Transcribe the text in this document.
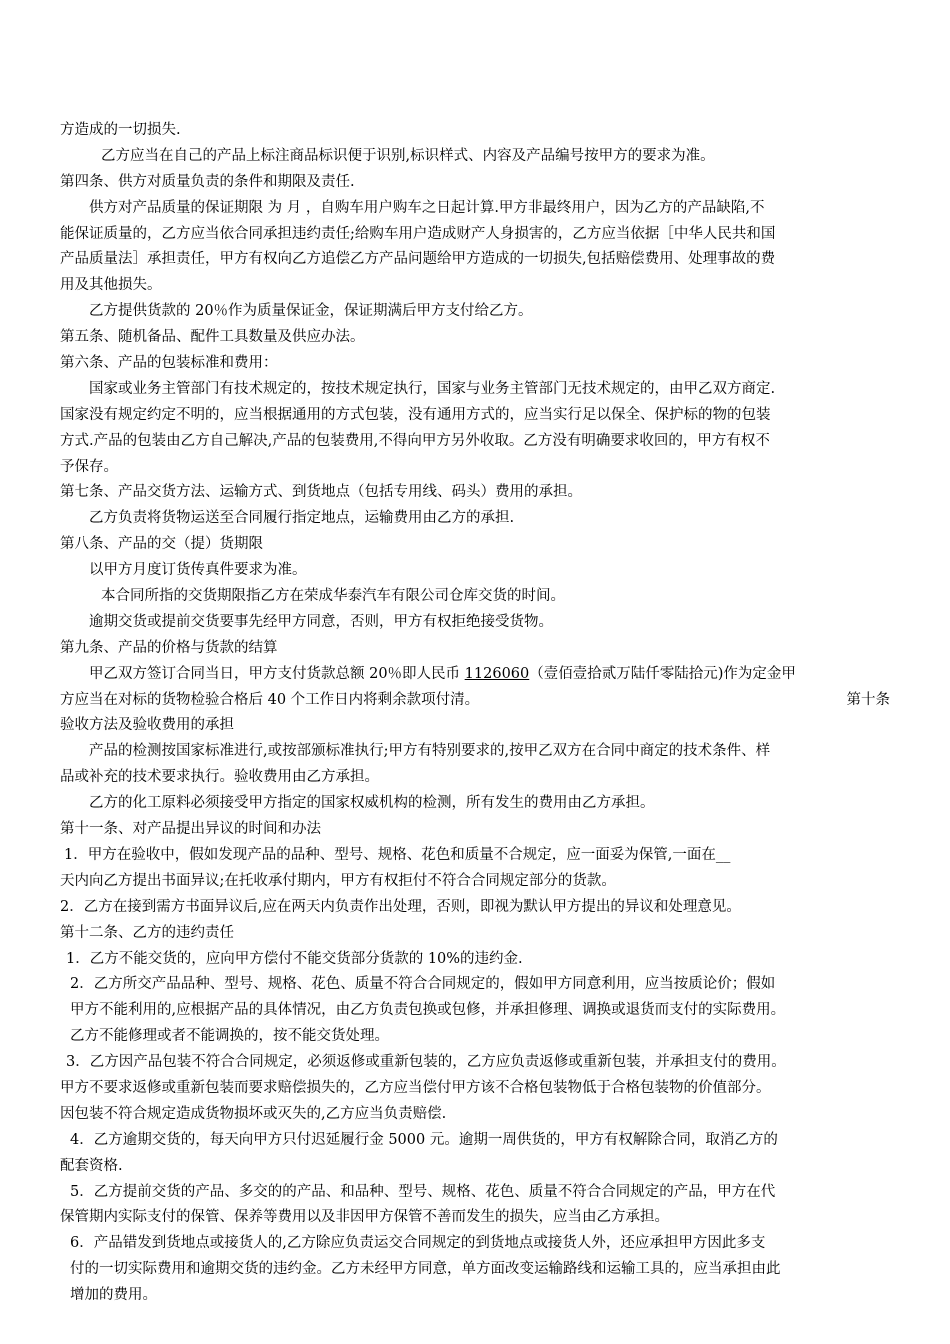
方造成的一切损失.
乙方应当在自己的产品上标注商品标识便于识别,标识样式、内容及产品编号按甲方的要求为准。
第四条、供方对质量负责的条件和期限及责任.
供方对产品质量的保证期限 为 月 ，自购车用户购车之日起计算.甲方非最终用户，因为乙方的产品缺陷,不
能保证质量的，乙方应当依合同承担违约责任;给购车用户造成财产人身损害的，乙方应当依据［中华人民共和国
产品质量法］承担责任，甲方有权向乙方追偿乙方产品问题给甲方造成的一切损失,包括赔偿费用、处理事故的费
用及其他损失。
乙方提供货款的 20％作为质量保证金，保证期满后甲方支付给乙方。
第五条、随机备品、配件工具数量及供应办法。
第六条、产品的包装标准和费用：
国家或业务主管部门有技术规定的，按技术规定执行，国家与业务主管部门无技术规定的，由甲乙双方商定.
国家没有规定约定不明的，应当根据通用的方式包装，没有通用方式的，应当实行足以保全、保护标的物的包装
方式.产品的包装由乙方自己解决,产品的包装费用,不得向甲方另外收取。乙方没有明确要求收回的，甲方有权不
予保存。
第七条、产品交货方法、运输方式、到货地点（包括专用线、码头）费用的承担。
乙方负责将货物运送至合同履行指定地点，运输费用由乙方的承担.
第八条、产品的交（提）货期限
以甲方月度订货传真件要求为准。
本合同所指的交货期限指乙方在荣成华泰汽车有限公司仓库交货的时间。
逾期交货或提前交货要事先经甲方同意，否则，甲方有权拒绝接受货物。
第九条、产品的价格与货款的结算
甲乙双方签订合同当日，甲方支付货款总额 20％即人民币 1126060（壹佰壹拾贰万陆仟零陆拾元)作为定金甲
方应当在对标的货物检验合格后 40 个工作日内将剩余款项付清。	第十条
验收方法及验收费用的承担
产品的检测按国家标准进行,或按部颁标准执行;甲方有特别要求的,按甲乙双方在合同中商定的技术条件、样
品或补充的技术要求执行。验收费用由乙方承担。
乙方的化工原料必须接受甲方指定的国家权威机构的检测，所有发生的费用由乙方承担。
第十一条、对产品提出异议的时间和办法
1．甲方在验收中，假如发现产品的品种、型号、规格、花色和质量不合规定，应一面妥为保管,一面在__
天内向乙方提出书面异议;在托收承付期内，甲方有权拒付不符合合同规定部分的货款。
2．乙方在接到需方书面异议后,应在两天内负责作出处理，否则，即视为默认甲方提出的异议和处理意见。
第十二条、乙方的违约责任
1．乙方不能交货的，应向甲方偿付不能交货部分货款的 10%的违约金.
2．乙方所交产品品种、型号、规格、花色、质量不符合合同规定的，假如甲方同意利用，应当按质论价；假如
甲方不能利用的,应根据产品的具体情况，由乙方负责包换或包修，并承担修理、调换或退货而支付的实际费用。
乙方不能修理或者不能调换的，按不能交货处理。
3．乙方因产品包装不符合合同规定，必须返修或重新包装的，乙方应负责返修或重新包装，并承担支付的费用。
甲方不要求返修或重新包装而要求赔偿损失的，乙方应当偿付甲方该不合格包装物低于合格包装物的价值部分。
因包装不符合规定造成货物损坏或灭失的,乙方应当负责赔偿.
4．乙方逾期交货的，每天向甲方只付迟延履行金 5000 元。逾期一周供货的，甲方有权解除合同，取消乙方的
配套资格.
5．乙方提前交货的产品、多交的的产品、和品种、型号、规格、花色、质量不符合合同规定的产品，甲方在代
保管期内实际支付的保管、保养等费用以及非因甲方保管不善而发生的损失，应当由乙方承担。
6．产品错发到货地点或接货人的,乙方除应负责运交合同规定的到货地点或接货人外，还应承担甲方因此多支
付的一切实际费用和逾期交货的违约金。乙方未经甲方同意，单方面改变运输路线和运输工具的，应当承担由此
增加的费用。
